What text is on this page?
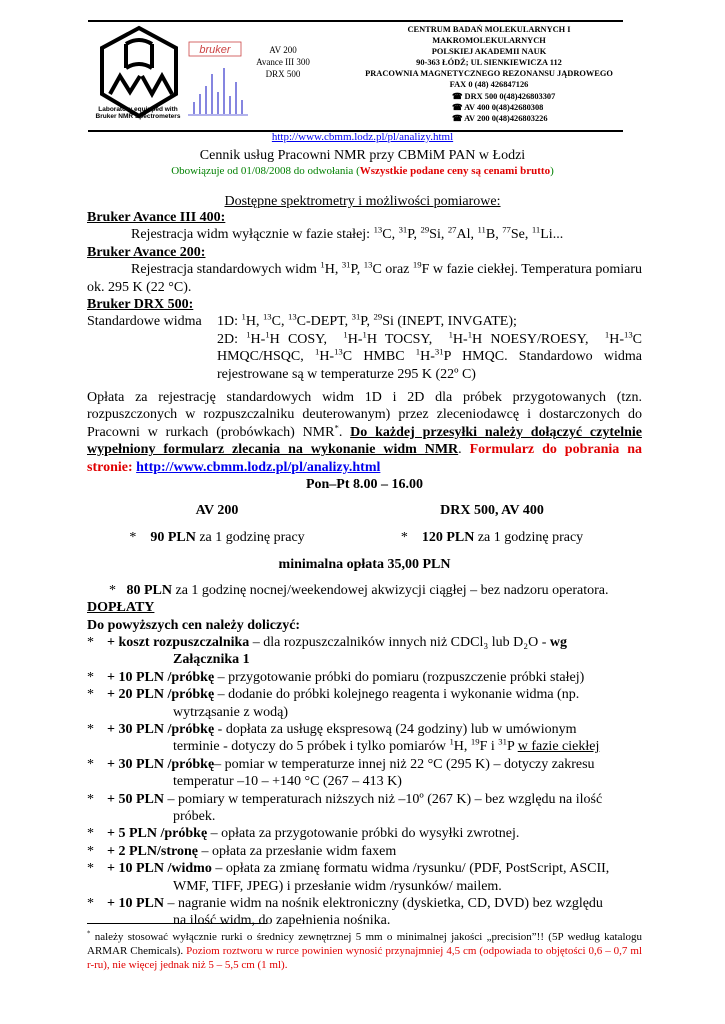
Laboratory equipped with Bruker NMR Spectrometers
bruker	AV 200
Avance III 300
DRX 500
CENTRUM BADAŃ MOLEKULARNYCH I
MAKROMOLEKULARNYCH
POLSKIEJ AKADEMII NAUK
90-363 ŁÓDŹ; UL SIENKIEWICZA 112
PRACOWNIA MAGNETYCZNEGO REZONANSU JĄDROWEGO
FAX 0 (48) 426847126
☎ DRX 500 0(48)426803307
☎ AV 400 0(48)42680308
☎ AV 200 0(48)426803226
http://www.cbmm.lodz.pl/pl/analizy.html
Cennik usług Pracowni NMR przy CBMiM PAN w Łodzi
Obowiązuje od 01/08/2008 do odwołania (Wszystkie podane ceny są cenami brutto)
Dostępne spektrometry i możliwości pomiarowe:

Bruker Avance III 400:

Rejestracja widm wyłącznie w fazie stałej: $^{13}$C, $^{31}$P, $^{29}$Si, $^{27}$Al, $^{11}$B, $^{77}$Se, $^{11}$Li...

Bruker Avance 200:

Rejestracja standardowych widm $^1$H, $^{31}$P, $^{13}$C oraz $^{19}$F w fazie ciekłej. Temperatura pomiaru ok. 295 K (22 °C).

Bruker DRX 500:

Standardowe widma	1D: $^1$H, $^{13}$C, $^{13}$C-DEPT, $^{31}$P, $^{29}$Si (INEPT, INVGATE);
2D: $^1$H-$^1$H COSY,  $^1$H-$^1$H TOCSY,  $^1$H-$^1$H NOESY/ROESY,  $^1$H-$^{13}$C HMQC/HSQC, $^1$H-$^{13}$C HMBC $^1$H-$^{31}$P HMQC. Standardowo widma rejestrowane są w temperaturze 295 K (22º C)

Opłata za rejestrację standardowych widm 1D i 2D dla próbek przygotowanych (tzn. rozpuszczonych w rozpuszczalniku deuterowanym) przez zleceniodawcę i dostarczonych do Pracowni w rurkach (probówkach) NMR*. Do każdej przesyłki należy dołączyć czytelnie wypełniony formularz zlecania na wykonanie widm NMR. Formularz do pobrania na stronie: http://www.cbmm.lodz.pl/pl/analizy.html

Pon–Pt 8.00 – 16.00

AV 200	DRX 500, AV 400
*    90 PLN za 1 godzinę pracy	*    120 PLN za 1 godzinę pracy

minimalna opłata 35,00 PLN

*   80 PLN za 1 godzinę nocnej/weekendowej akwizycji ciągłej – bez nadzoru operatora.

DOPŁATY

Do powyższych cen należy doliczyć:

* + koszt rozpuszczalnika – dla rozpuszczalników innych niż CDCl₃ lub D₂O - wg
Załącznika 1
* + 10 PLN /próbkę – przygotowanie próbki do pomiaru (rozpuszczenie próbki stałej)
* + 20 PLN /próbkę – dodanie do próbki kolejnego reagenta i wykonanie widma (np.
wytrząsanie z wodą)
* + 30 PLN /próbkę - dopłata za usługę ekspresową (24 godziny) lub w umówionym
terminie - dotyczy do 5 próbek i tylko pomiarów $^1$H, $^{19}$F i $^{31}$P w fazie ciekłej
* + 30 PLN /próbkę– pomiar w temperaturze innej niż 22 °C (295 K) – dotyczy zakresu
temperatur –10 – +140 °C (267 – 413 K)
* + 50 PLN – pomiary w temperaturach niższych niż –10º (267 K) – bez względu na ilość
próbek.
* + 5 PLN /próbkę – opłata za przygotowanie próbki do wysyłki zwrotnej.
* + 2 PLN/stronę – opłata za przesłanie widm faxem
* + 10 PLN /widmo – opłata za zmianę formatu widma /rysunku/ (PDF, PostScript, ASCII,
WMF, TIFF, JPEG) i przesłanie widm /rysunków/ mailem.
* + 10 PLN – nagranie widm na nośnik elektroniczny (dyskietka, CD, DVD) bez względu
na ilość widm, do zapełnienia nośnika.
* należy stosować wyłącznie rurki o średnicy zewnętrznej 5 mm o minimalnej jakości „precision”!! (5P według katalogu ARMAR Chemicals). Poziom roztworu w rurce powinien wynosić przynajmniej 4,5 cm (odpowiada to objętości 0,6 – 0,7 ml r-ru), nie więcej jednak niż 5 – 5,5 cm (1 ml).
